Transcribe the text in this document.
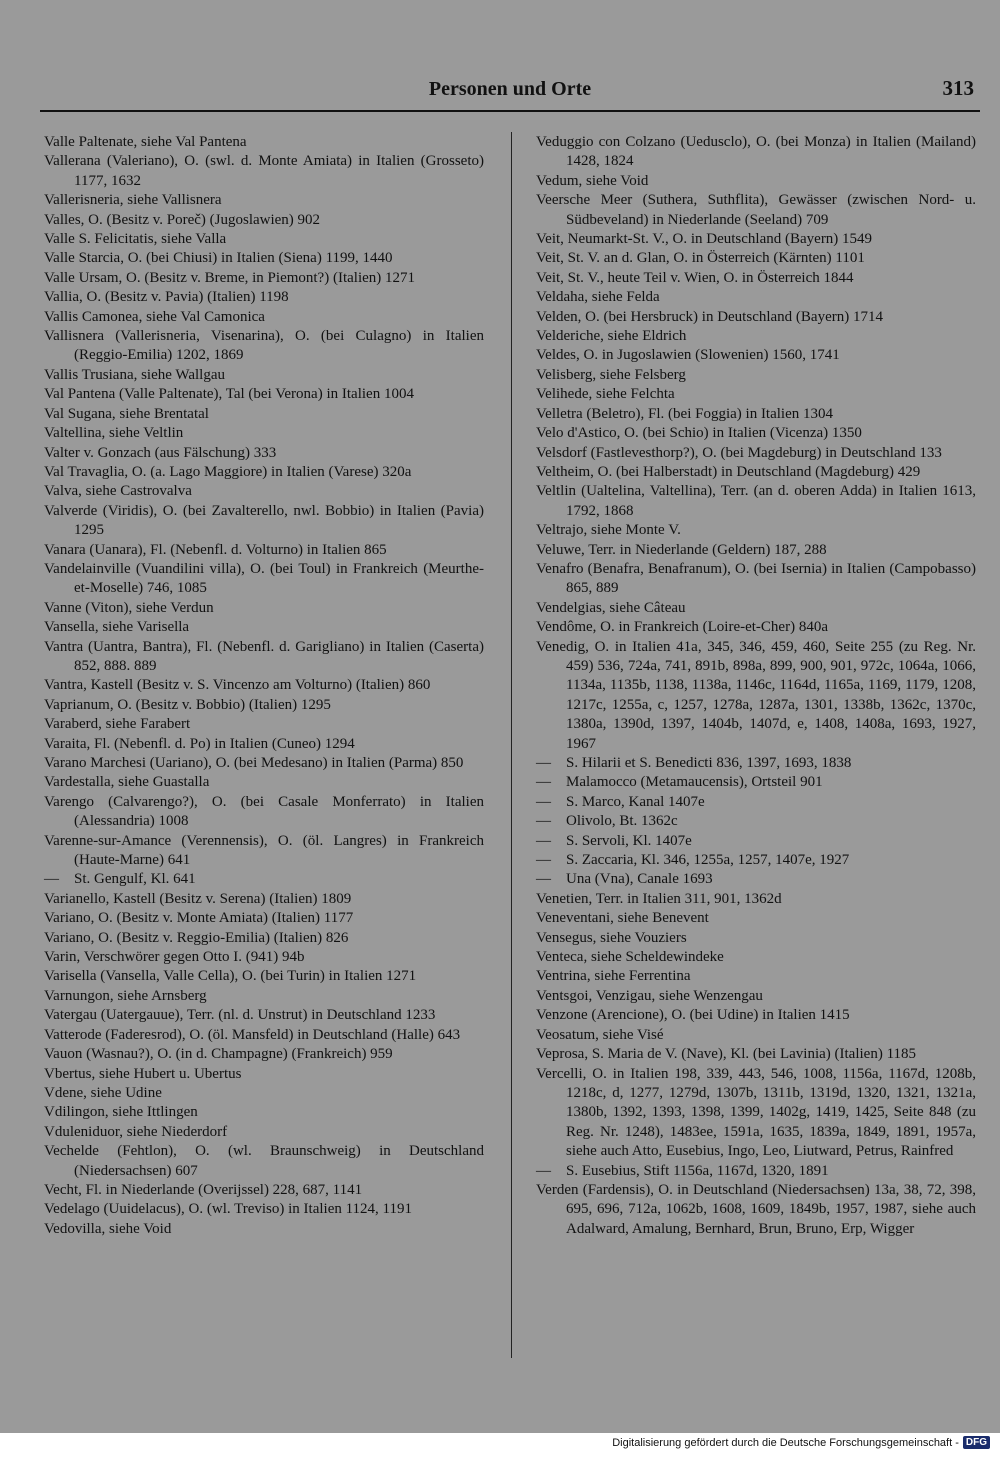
Personen und Orte	313
Valle Paltenate, siehe Val Pantena
Vallerana (Valeriano), O. (swl. d. Monte Amiata) in Italien (Grosseto) 1177, 1632
Vallerisneria, siehe Vallisnera
Valles, O. (Besitz v. Poreč) (Jugoslawien) 902
Valle S. Felicitatis, siehe Valla
Valle Starcia, O. (bei Chiusi) in Italien (Siena) 1199, 1440
Valle Ursam, O. (Besitz v. Breme, in Piemont?) (Italien) 1271
Vallia, O. (Besitz v. Pavia) (Italien) 1198
Vallis Camonea, siehe Val Camonica
Vallisnera (Vallerisneria, Visenarina), O. (bei Culagno) in Italien (Reggio-Emilia) 1202, 1869
Vallis Trusiana, siehe Wallgau
Val Pantena (Valle Paltenate), Tal (bei Verona) in Italien 1004
Val Sugana, siehe Brentatal
Valtellina, siehe Veltlin
Valter v. Gonzach (aus Fälschung) 333
Val Travaglia, O. (a. Lago Maggiore) in Italien (Varese) 320a
Valva, siehe Castrovalva
Valverde (Viridis), O. (bei Zavalterello, nwl. Bobbio) in Italien (Pavia) 1295
Vanara (Uanara), Fl. (Nebenfl. d. Volturno) in Italien 865
Vandelainville (Vuandilini villa), O. (bei Toul) in Frankreich (Meurthe-et-Moselle) 746, 1085
Vanne (Viton), siehe Verdun
Vansella, siehe Varisella
Vantra (Uantra, Bantra), Fl. (Nebenfl. d. Garigliano) in Italien (Caserta) 852, 888. 889
Vantra, Kastell (Besitz v. S. Vincenzo am Volturno) (Italien) 860
Vaprianum, O. (Besitz v. Bobbio) (Italien) 1295
Varaberd, siehe Farabert
Varaita, Fl. (Nebenfl. d. Po) in Italien (Cuneo) 1294
Varano Marchesi (Uariano), O. (bei Medesano) in Italien (Parma) 850
Vardestalla, siehe Guastalla
Varengo (Calvarengo?), O. (bei Casale Monferrato) in Italien (Alessandria) 1008
Varenne-sur-Amance (Verennensis), O. (öl. Langres) in Frankreich (Haute-Marne) 641
— St. Gengulf, Kl. 641
Varianello, Kastell (Besitz v. Serena) (Italien) 1809
Variano, O. (Besitz v. Monte Amiata) (Italien) 1177
Variano, O. (Besitz v. Reggio-Emilia) (Italien) 826
Varin, Verschwörer gegen Otto I. (941) 94b
Varisella (Vansella, Valle Cella), O. (bei Turin) in Italien 1271
Varnungon, siehe Arnsberg
Vatergau (Uatergauue), Terr. (nl. d. Unstrut) in Deutschland 1233
Vatterode (Faderesrod), O. (öl. Mansfeld) in Deutschland (Halle) 643
Vauon (Wasnau?), O. (in d. Champagne) (Frankreich) 959
Vbertus, siehe Hubert u. Ubertus
Vdene, siehe Udine
Vdilingon, siehe Ittlingen
Vduleniduor, siehe Niederdorf
Vechelde (Fehtlon), O. (wl. Braunschweig) in Deutschland (Niedersachsen) 607
Vecht, Fl. in Niederlande (Overijssel) 228, 687, 1141
Vedelago (Uuidelacus), O. (wl. Treviso) in Italien 1124, 1191
Vedovilla, siehe Void
Veduggio con Colzano (Uedusclo), O. (bei Monza) in Italien (Mailand) 1428, 1824
Vedum, siehe Void
Veersche Meer (Suthera, Suthflita), Gewässer (zwischen Nord- u. Südbeveland) in Niederlande (Seeland) 709
Veit, Neumarkt-St. V., O. in Deutschland (Bayern) 1549
Veit, St. V. an d. Glan, O. in Österreich (Kärnten) 1101
Veit, St. V., heute Teil v. Wien, O. in Österreich 1844
Veldaha, siehe Felda
Velden, O. (bei Hersbruck) in Deutschland (Bayern) 1714
Velderiche, siehe Eldrich
Veldes, O. in Jugoslawien (Slowenien) 1560, 1741
Velisberg, siehe Felsberg
Velihede, siehe Felchta
Velletra (Beletro), Fl. (bei Foggia) in Italien 1304
Velo d'Astico, O. (bei Schio) in Italien (Vicenza) 1350
Velsdorf (Fastlevesthorp?), O. (bei Magdeburg) in Deutschland 133
Veltheim, O. (bei Halberstadt) in Deutschland (Magdeburg) 429
Veltlin (Ualtelina, Valtellina), Terr. (an d. oberen Adda) in Italien 1613, 1792, 1868
Veltrajo, siehe Monte V.
Veluwe, Terr. in Niederlande (Geldern) 187, 288
Venafro (Benafra, Benafranum), O. (bei Isernia) in Italien (Campobasso) 865, 889
Vendelgias, siehe Câteau
Vendôme, O. in Frankreich (Loire-et-Cher) 840a
Venedig, O. in Italien 41a, 345, 346, 459, 460, Seite 255 (zu Reg. Nr. 459) 536, 724a, 741, 891b, 898a, 899, 900, 901, 972c, 1064a, 1066, 1134a, 1135b, 1138, 1138a, 1146c, 1164d, 1165a, 1169, 1179, 1208, 1217c, 1255a, c, 1257, 1278a, 1287a, 1301, 1338b, 1362c, 1370c, 1380a, 1390d, 1397, 1404b, 1407d, e, 1408, 1408a, 1693, 1927, 1967
— S. Hilarii et S. Benedicti 836, 1397, 1693, 1838
— Malamocco (Metamaucensis), Ortsteil 901
— S. Marco, Kanal 1407e
— Olivolo, Bt. 1362c
— S. Servoli, Kl. 1407e
— S. Zaccaria, Kl. 346, 1255a, 1257, 1407e, 1927
— Una (Vna), Canale 1693
Venetien, Terr. in Italien 311, 901, 1362d
Veneventani, siehe Benevent
Vensegus, siehe Vouziers
Venteca, siehe Scheldewindeke
Ventrina, siehe Ferrentina
Ventsgoi, Venzigau, siehe Wenzengau
Venzone (Arencione), O. (bei Udine) in Italien 1415
Veosatum, siehe Visé
Veprosa, S. Maria de V. (Nave), Kl. (bei Lavinia) (Italien) 1185
Vercelli, O. in Italien 198, 339, 443, 546, 1008, 1156a, 1167d, 1208b, 1218c, d, 1277, 1279d, 1307b, 1311b, 1319d, 1320, 1321, 1321a, 1380b, 1392, 1393, 1398, 1399, 1402g, 1419, 1425, Seite 848 (zu Reg. Nr. 1248), 1483ee, 1591a, 1635, 1839a, 1849, 1891, 1957a, siehe auch Atto, Eusebius, Ingo, Leo, Liutward, Petrus, Rainfred
— S. Eusebius, Stift 1156a, 1167d, 1320, 1891
Verden (Fardensis), O. in Deutschland (Niedersachsen) 13a, 38, 72, 398, 695, 696, 712a, 1062b, 1608, 1609, 1849b, 1957, 1987, siehe auch Adalward, Amalung, Bernhard, Brun, Bruno, Erp, Wigger
Digitalisierung gefördert durch die Deutsche Forschungsgemeinschaft - DFG
